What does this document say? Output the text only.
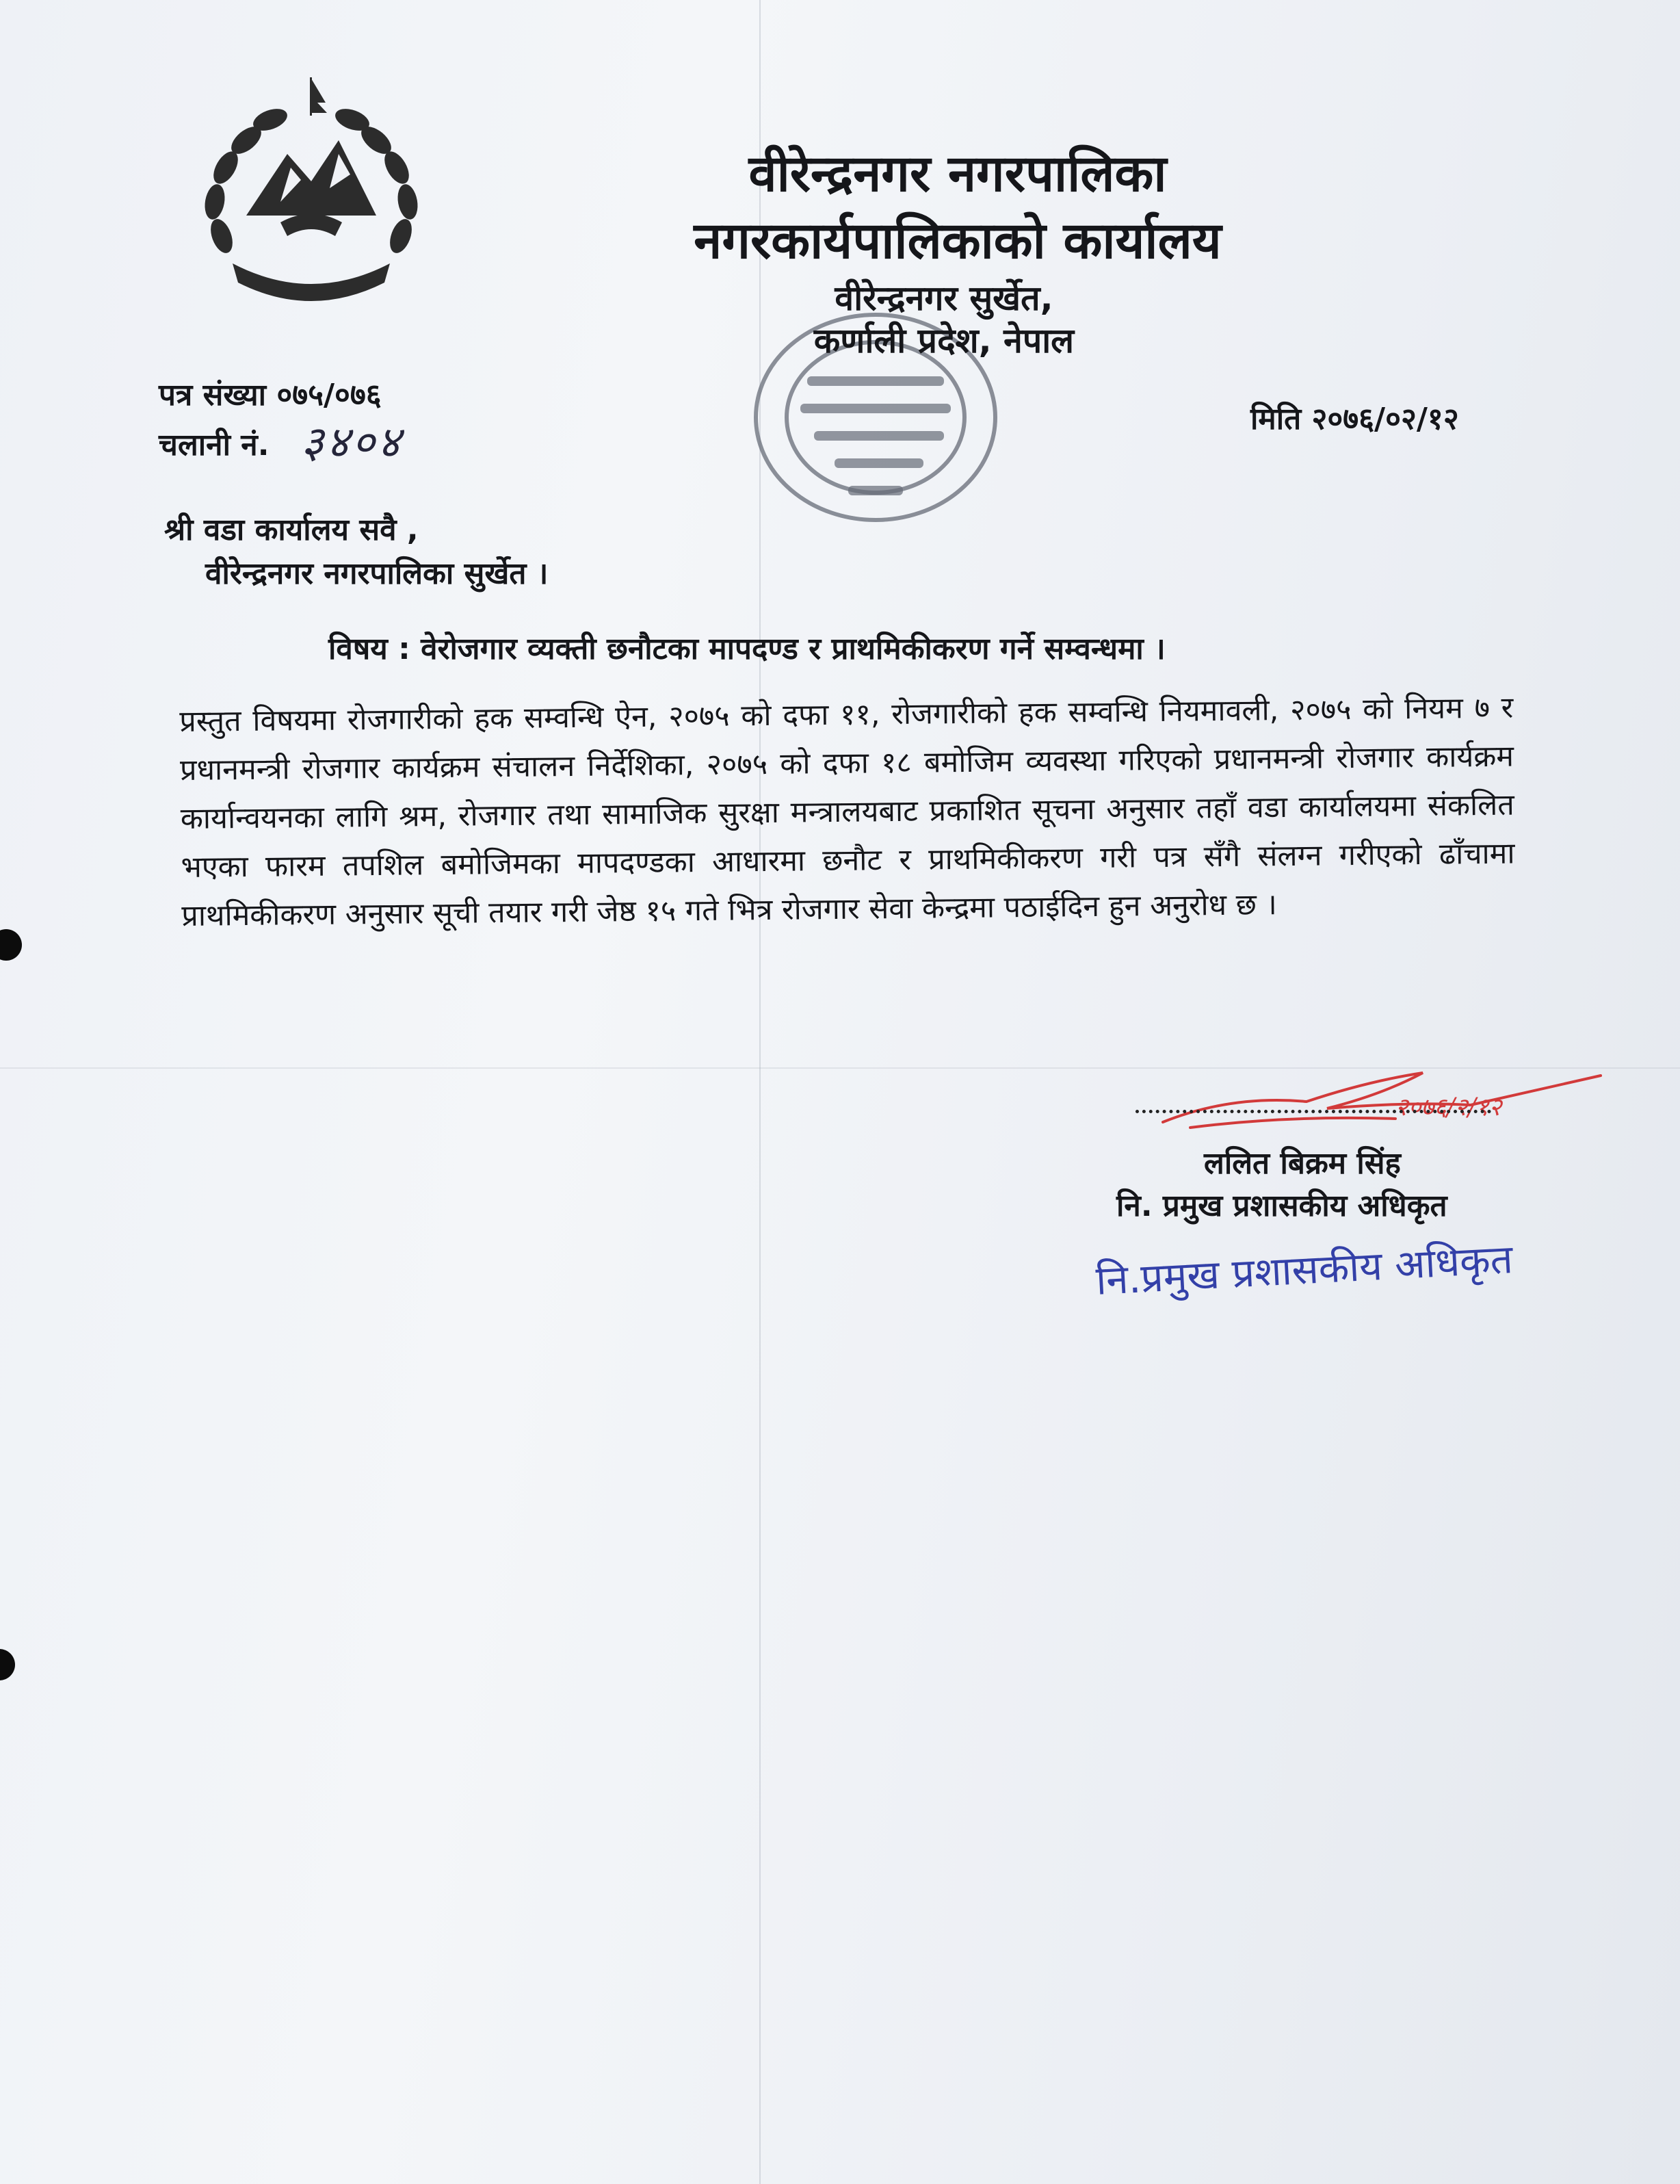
वीरेन्द्रनगर नगरपालिका
नगरकार्यपालिकाको कार्यालय
वीरेन्द्रनगर सुर्खेत,
कर्णाली प्रदेश, नेपाल
पत्र संख्या ०७५/०७६
चलानी नं. ३४०४	मिति २०७६/०२/१२
श्री वडा कार्यालय सवै ,
वीरेन्द्रनगर नगरपालिका सुर्खेत ।
विषय : वेरोजगार व्यक्ती छनौटका मापदण्ड र प्राथमिकीकरण गर्ने सम्वन्धमा ।
प्रस्तुत विषयमा रोजगारीको हक सम्वन्धि ऐन, २०७५ को दफा ११, रोजगारीको हक सम्वन्धि नियमावली, २०७५ को नियम ७ र प्रधानमन्त्री रोजगार कार्यक्रम संचालन निर्देशिका, २०७५ को दफा १८ बमोजिम व्यवस्था गरिएको प्रधानमन्त्री रोजगार कार्यक्रम कार्यान्वयनका लागि श्रम, रोजगार तथा सामाजिक सुरक्षा मन्त्रालयबाट प्रकाशित सूचना अनुसार तहाँ वडा कार्यालयमा संकलित भएका फारम तपशिल बमोजिमका मापदण्डका आधारमा छनौट र प्राथमिकीकरण गरी पत्र सँगै संलग्न गरीएको ढाँचामा प्राथमिकीकरण अनुसार सूची तयार गरी जेष्ठ १५ गते भित्र रोजगार सेवा केन्द्रमा पठाईदिन हुन अनुरोध छ ।
२०७६/२/१२
ललित बिक्रम सिंह
नि. प्रमुख प्रशासकीय अधिकृत
नि.प्रमुख प्रशासकीय अधिकृत
